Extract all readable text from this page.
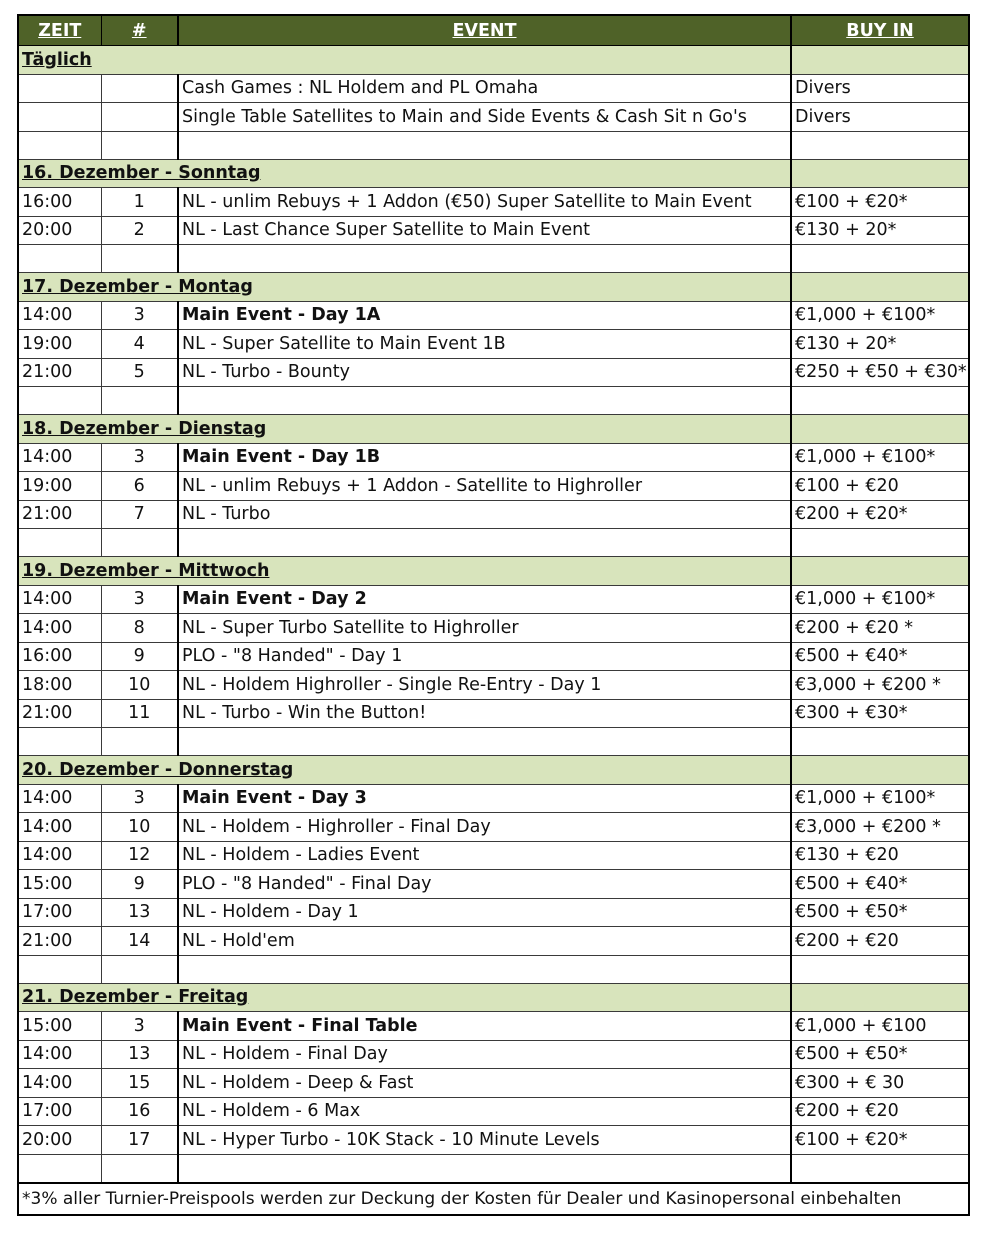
ZEIT	#	EVENT	BUY IN
Täglich			
		Cash Games : NL Holdem and PL Omaha	Divers
		Single Table Satellites to Main and Side Events & Cash Sit n Go's	Divers

16. Dezember - Sonntag			
16:00	1	NL - unlim Rebuys + 1 Addon (€50) Super Satellite to Main Event	€100 + €20*
20:00	2	NL - Last Chance Super Satellite to Main Event	€130 + 20*

17. Dezember - Montag			
14:00	3	Main Event - Day 1A	€1,000 + €100*
19:00	4	NL - Super Satellite to Main Event 1B	€130 + 20*
21:00	5	NL - Turbo - Bounty	€250 + €50 + €30*

18. Dezember - Dienstag			
14:00	3	Main Event - Day 1B	€1,000 + €100*
19:00	6	NL - unlim Rebuys + 1 Addon - Satellite to Highroller	€100 + €20
21:00	7	NL - Turbo	€200 + €20*

19. Dezember - Mittwoch			
14:00	3	Main Event - Day 2	€1,000 + €100*
14:00	8	NL - Super Turbo Satellite to Highroller	€200 + €20 *
16:00	9	PLO - "8 Handed" - Day 1	€500 + €40*
18:00	10	NL - Holdem Highroller - Single Re-Entry - Day 1	€3,000 + €200 *
21:00	11	NL - Turbo - Win the Button!	€300 + €30*

20. Dezember - Donnerstag			
14:00	3	Main Event - Day 3	€1,000 + €100*
14:00	10	NL - Holdem - Highroller - Final Day	€3,000 + €200 *
14:00	12	NL - Holdem - Ladies Event	€130 + €20
15:00	9	PLO - "8 Handed" - Final Day	€500 + €40*
17:00	13	NL - Holdem - Day 1	€500 + €50*
21:00	14	NL - Hold'em	€200 + €20

21. Dezember - Freitag			
15:00	3	Main Event - Final Table	€1,000 + €100
14:00	13	NL - Holdem - Final Day	€500 + €50*
14:00	15	NL - Holdem - Deep & Fast	€300 + € 30
17:00	16	NL - Holdem - 6 Max	€200 + €20
20:00	17	NL - Hyper Turbo - 10K Stack - 10 Minute Levels	€100 + €20*

*3% aller Turnier-Preispools werden zur Deckung der Kosten für Dealer und Kasinopersonal einbehalten			
